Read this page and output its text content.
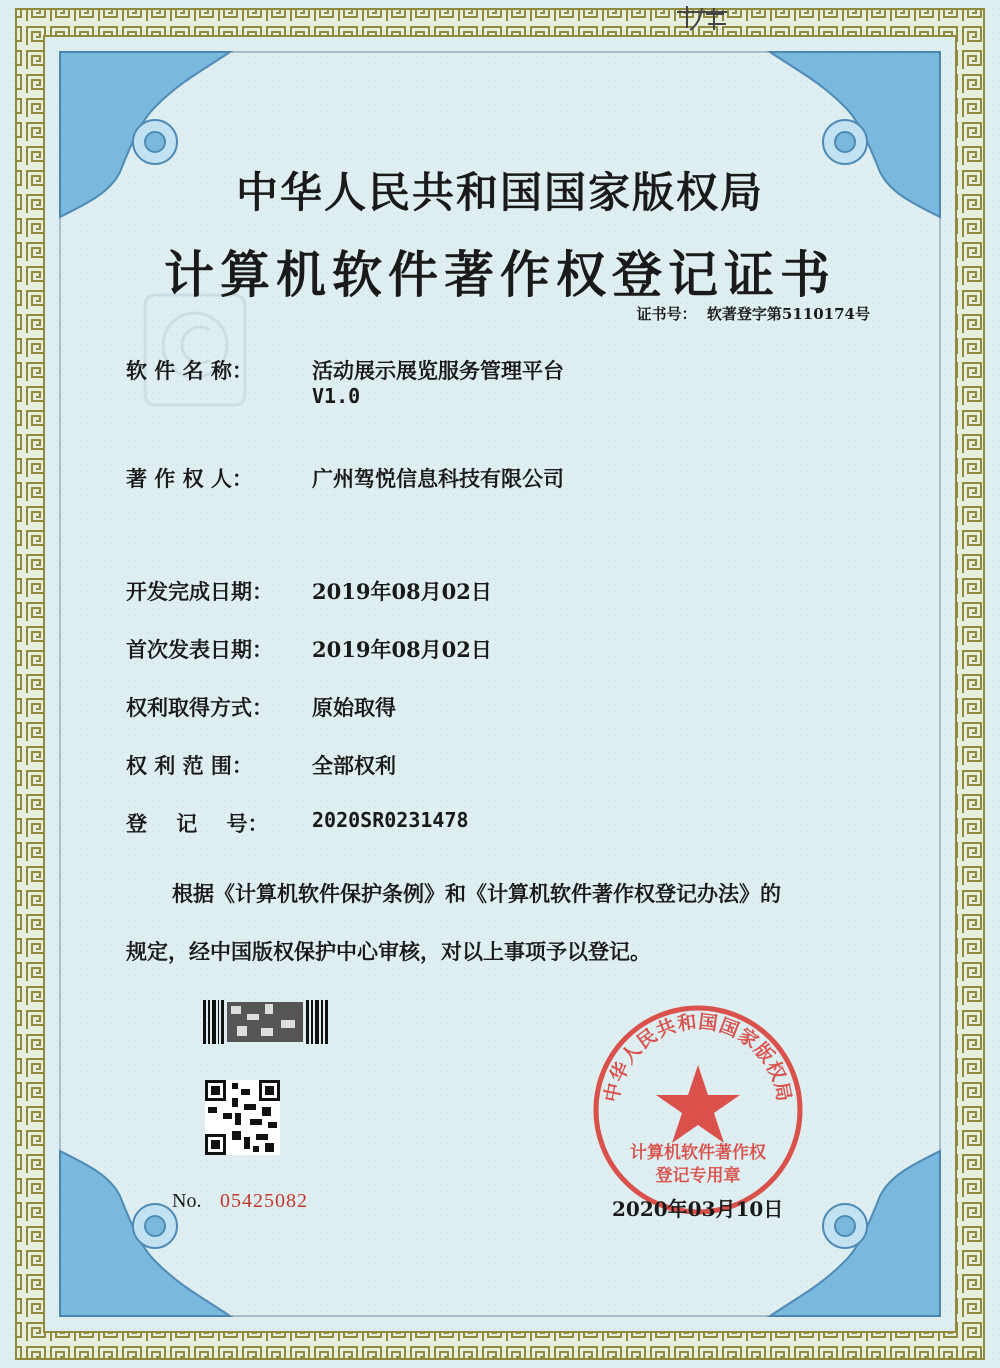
中华人民共和国国家版权局
计算机软件著作权登记证书
证书号：  软著登字第5110174号
软 件 名 称：	活动展示展览服务管理平台
V1.0
著 作 权 人：	广州驾悦信息科技有限公司
开发完成日期：	2019年08月02日
首次发表日期：	2019年08月02日
权利取得方式：	原始取得
权 利 范 围：	全部权利
登    记    号：	2020SR0231478
根据《计算机软件保护条例》和《计算机软件著作权登记办法》的
规定，经中国版权保护中心审核，对以上事项予以登记。
No. 05425082
中华人民共和国国家版权局
计算机软件著作权
登记专用章
2020年03月10日
